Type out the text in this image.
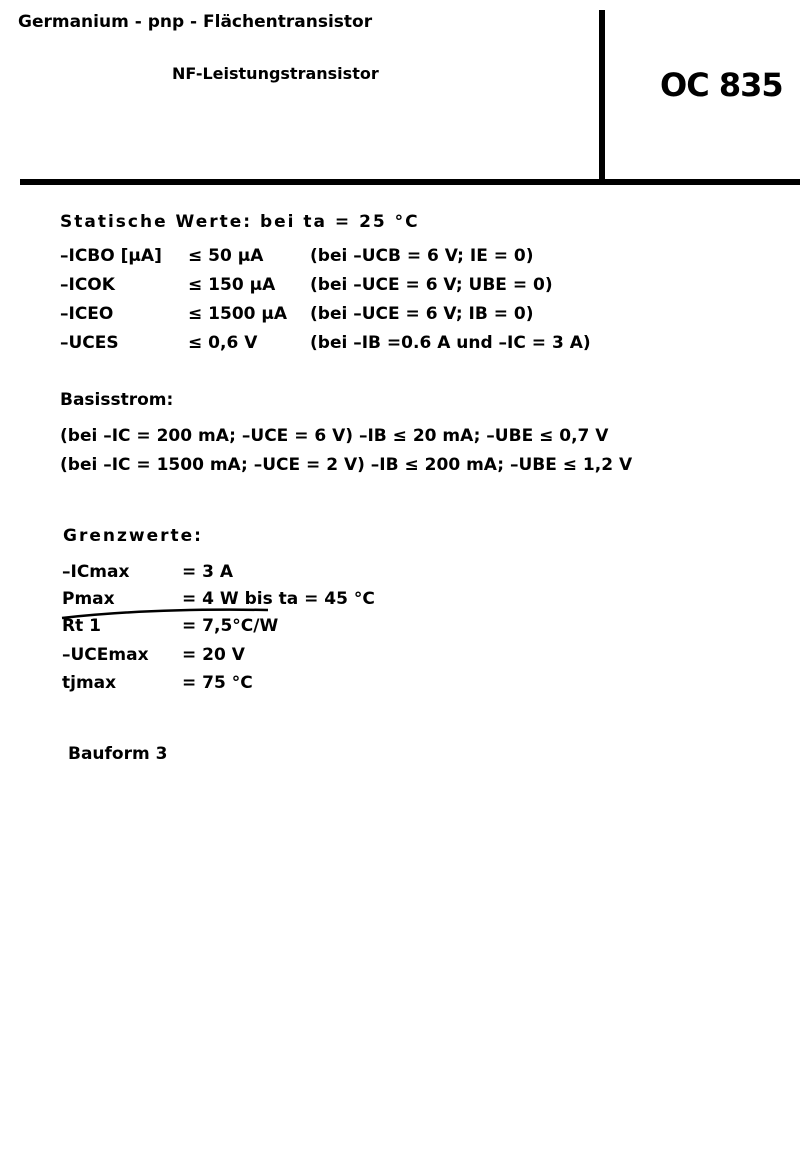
Germanium - pnp - Flächentransistor
NF-Leistungstransistor	OC 835
Statische Werte: bei ta = 25 °C
–ICBO [µA] ≤ 50 µA	(bei –UCB = 6 V; IE = 0)
–ICOK	≤ 150 µA (bei –UCE = 6 V; UBE = 0)
–ICEO	≤ 1500 µA (bei –UCE = 6 V; IB = 0)
–UCES	≤ 0,6 V	(bei –IB =0.6 A und –IC = 3 A)
Basisstrom:
(bei –IC = 200 mA; –UCE = 6 V) –IB ≤ 20 mA; –UBE ≤ 0,7 V
(bei –IC = 1500 mA; –UCE = 2 V) –IB ≤ 200 mA; –UBE ≤ 1,2 V
Grenzwerte:
–ICmax	= 3 A
Pmax	= 4 W bis ta = 45 °C
Rt 1	= 7,5°C/W
–UCEmax = 20 V
tjmax	= 75 °C
Bauform 3
